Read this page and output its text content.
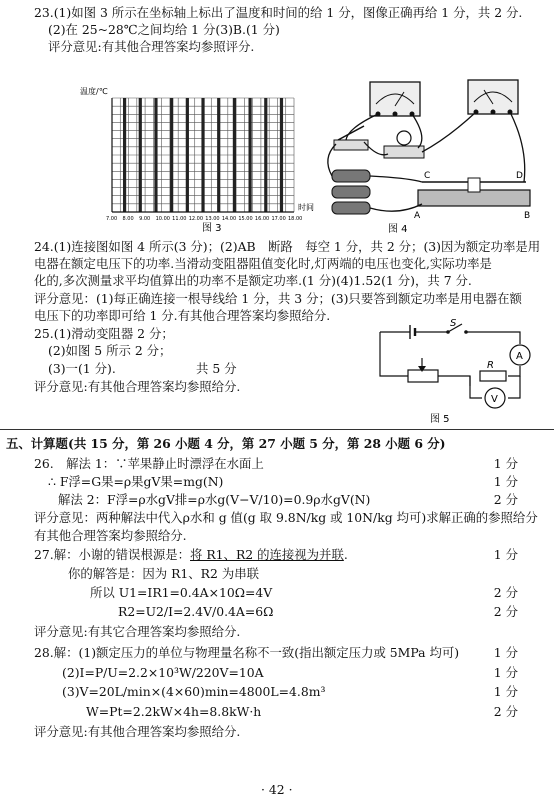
23.(1)如图 3 所示在坐标轴上标出了温度和时间的给 1 分，图像正确再给 1 分，共 2 分.
(2)在 25~28℃之间均给 1 分(3)B.(1 分)
评分意见:有其他合理答案均参照评分.
温度/℃
7.00 8.00 9.00 10.00 11.00 12.00 13.00 14.00 15.00 16.00 17.00 18.00
时间
图 3
C	D
A	B
图 4
24.(1)连接图如图 4 所示(3 分)；(2)AB　断路　每空 1 分，共 2 分；(3)因为额定功率是用
电器在额定电压下的功率.当滑动变阻器阻值变化时,灯两端的电压也变化,实际功率是
化的,多次测量求平均值算出的功率不是额定功率.(1 分)(4)1.52(1 分)，共 7 分.
评分意见：(1)每正确连接一根导线给 1 分，共 3 分；(3)只要答到额定功率是用电器在额
电压下的功率即可给 1 分.有其他合理答案均参照给分.
25.(1)滑动变阻器 2 分；
(2)如图 5 所示 2 分；
(3)一(1 分).	共 5 分
评分意见:有其他合理答案均参照给分.
S
A
R
V
图 5
五、计算题(共 15 分，第 26 小题 4 分，第 27 小题 5 分，第 28 小题 6 分)
26.　解法 1：∵苹果静止时漂浮在水面上	1 分
∴ F浮=G果=ρ果gV果=mg(N)	1 分
解法 2：F浮=ρ水gV排=ρ水g(V−V/10)=0.9ρ水gV(N)	2 分
评分意见：两种解法中代入ρ水和 g 值(g 取 9.8N/kg 或 10N/kg 均可)求解正确的参照给分
有其他合理答案均参照给分.
27.解：小谢的错误根源是：将 R1、R2 的连接视为并联.	1 分
你的解答是：因为 R1、R2 为串联
所以 U1=IR1=0.4A×10Ω=4V	2 分
R2=U2/I=2.4V/0.4A=6Ω	2 分
评分意见:有其它合理答案均参照给分.
28.解：(1)额定压力的单位与物理量名称不一致(指出额定压力或 5MPa 均可)	1 分
(2)I=P/U=2.2×10³W/220V=10A	1 分
(3)V=20L/min×(4×60)min=4800L=4.8m³	1 分
W=Pt=2.2kW×4h=8.8kW·h	2 分
评分意见:有其他合理答案均参照给分.
· 42 ·
